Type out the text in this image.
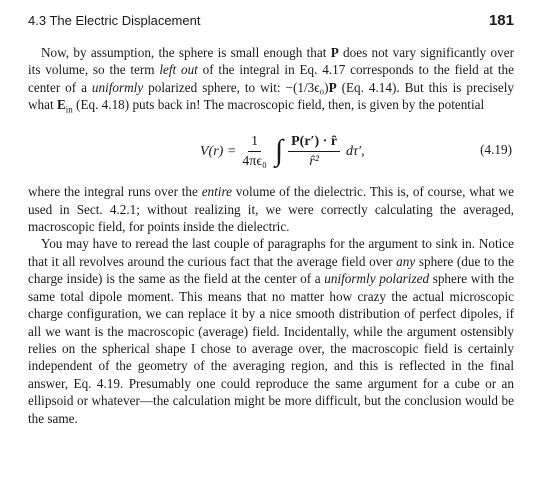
4.3 The Electric Displacement	181

Now, by assumption, the sphere is small enough that P does not vary significantly over its volume, so the term left out of the integral in Eq. 4.17 corresponds to the field at the center of a uniformly polarized sphere, to wit: −(1/3ϵ₀)P (Eq. 4.14). But this is precisely what $E_{in}$ (Eq. 4.18) puts back in! The macroscopic field, then, is given by the potential

$V(r) = \frac{1}{\text{4πϵ₀}}$ ∫ $\frac{P(r') \cdot ȓ}{\text{ȓ²}} d\tau'$,	(4.19)

where the integral runs over the entire volume of the dielectric. This is, of course, what we used in Sect. 4.2.1; without realizing it, we were correctly calculating the averaged, macroscopic field, for points inside the dielectric.

You may have to reread the last couple of paragraphs for the argument to sink in. Notice that it all revolves around the curious fact that the average field over any sphere (due to the charge inside) is the same as the field at the center of a uniformly polarized sphere with the same total dipole moment. This means that no matter how crazy the actual microscopic charge configuration, we can replace it by a nice smooth distribution of perfect dipoles, if all we want is the macroscopic (average) field. Incidentally, while the argument ostensibly relies on the spherical shape I chose to average over, the macroscopic field is certainly independent of the geometry of the averaging region, and this is reflected in the final answer, Eq. 4.19. Presumably one could reproduce the same argument for a cube or an ellipsoid or whatever—the calculation might be more difficult, but the conclusion would be the same.
